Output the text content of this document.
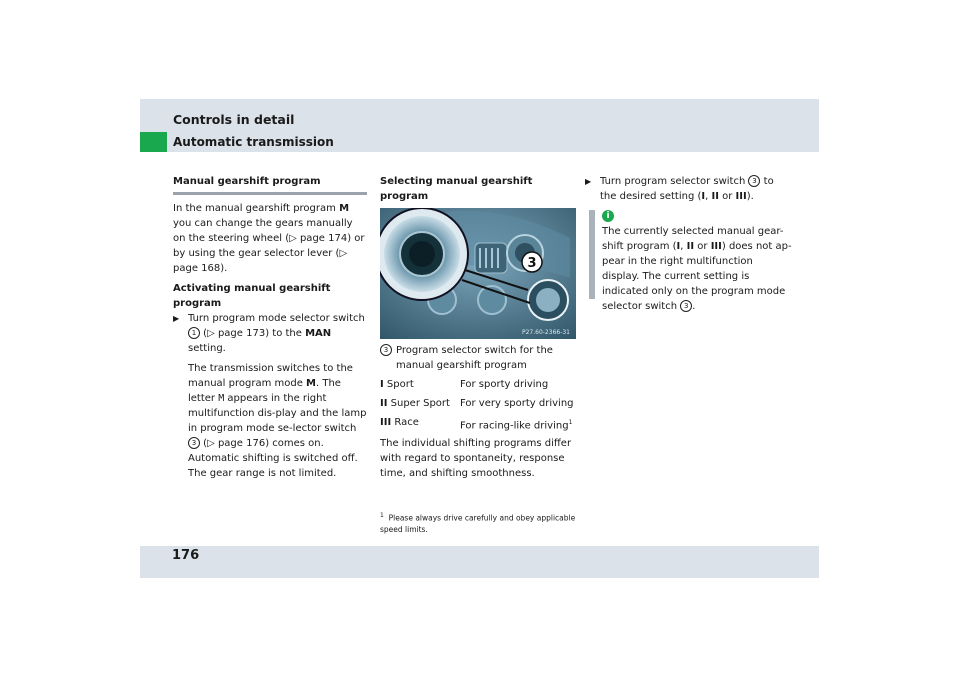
Controls in detail
Automatic transmission
Manual gearshift program

In the manual gearshift program M you can change the gears manually on the steering wheel (▷ page 174) or by using the gear selector lever (▷ page 168).

Activating manual gearshift program

▶ Turn program mode selector switch 1 (▷ page 173) to the MAN setting.

The transmission switches to the manual program mode M. The letter M appears in the right multifunction dis-play and the lamp in program mode se-lector switch 3 (▷ page 176) comes on. Automatic shifting is switched off. The gear range is not limited.

Selecting manual gearshift program
3
P27.60-2366-31
3 Program selector switch for the manual gearshift program
I Sport	For sporty driving
II Super Sport	For very sporty driving
III Race	For racing-like driving$^1$

The individual shifting programs differ with regard to spontaneity, response time, and shifting smoothness.

$^1$ Please always drive carefully and obey applicable speed limits.

▶ Turn program selector switch 3 to the desired setting (I, II or III).

i
The currently selected manual gear-shift program (I, II or III) does not ap-pear in the right multifunction display. The current setting is indicated only on the program mode selector switch 3 .
176
